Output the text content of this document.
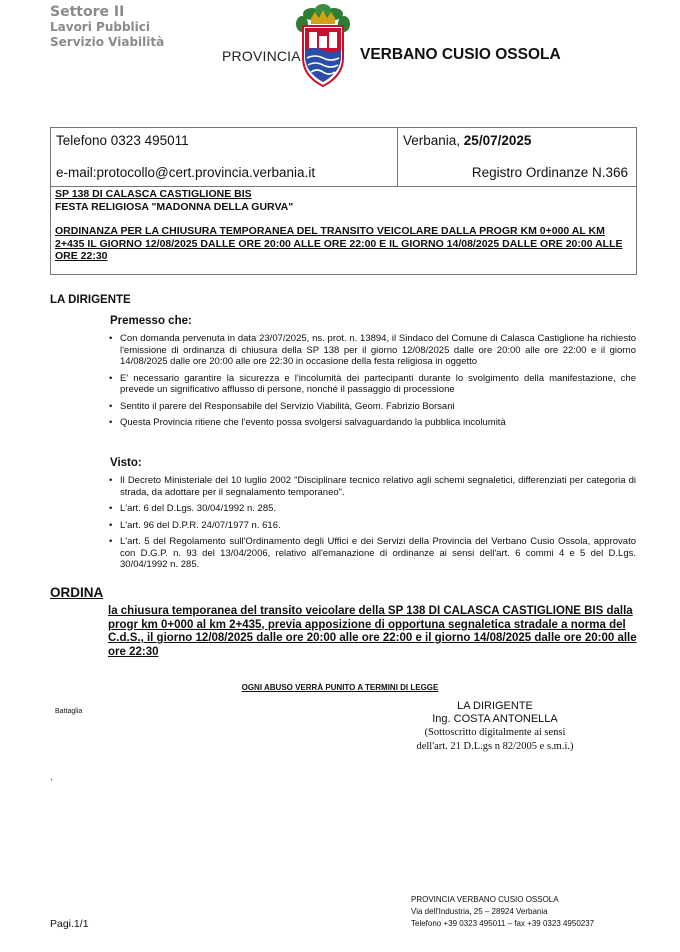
Settore II
Lavori Pubblici
Servizio Viabilità
PROVINCIA	VERBANO CUSIO OSSOLA
Telefono 0323 495011
e-mail:protocollo@cert.provincia.verbania.it
Verbania, 25/07/2025
Registro Ordinanze N.366
SP 138 DI CALASCA CASTIGLIONE BIS
FESTA RELIGIOSA "MADONNA DELLA GURVA"
ORDINANZA PER LA CHIUSURA TEMPORANEA DEL TRANSITO VEICOLARE DALLA PROGR KM 0+000 AL KM 2+435 IL GIORNO 12/08/2025 DALLE ORE 20:00 ALLE ORE 22:00 E IL GIORNO 14/08/2025 DALLE ORE 20:00 ALLE ORE 22:30
LA DIRIGENTE
Premesso che:
• Con domanda pervenuta in data 23/07/2025, ns. prot. n. 13894, il Sindaco del Comune di Calasca Castiglione ha richiesto l'emissione di ordinanza di chiusura della SP 138 per il giorno 12/08/2025 dalle ore 20:00 alle ore 22:00 e il giorno 14/08/2025 dalle ore 20:00 alle ore 22:30 in occasione della festa religiosa in oggetto
• E' necessario garantire la sicurezza e l'incolumità dei partecipanti durante lo svolgimento della manifestazione, che prevede un significativo afflusso di persone, nonché il passaggio di processione
• Sentito il parere del Responsabile del Servizio Viabilità, Geom. Fabrizio Borsani
• Questa Provincia ritiene che l'evento possa svolgersi salvaguardando la pubblica incolumità
Visto:
• Il Decreto Ministeriale del 10 luglio 2002 "Disciplinare tecnico relativo agli schemi segnaletici, differenziati per categoria di strada, da adottare per il segnalamento temporaneo".
• L'art. 6 del D.Lgs. 30/04/1992 n. 285.
• L'art. 96 del D.P.R. 24/07/1977 n. 616.
• L'art. 5 del Regolamento sull'Ordinamento degli Uffici e dei Servizi della Provincia del Verbano Cusio Ossola, approvato con D.G.P. n. 93 del 13/04/2006, relativo all'emanazione di ordinanze ai sensi dell'art. 6 commi 4 e 5 del D.Lgs. 30/04/1992 n. 285.
ORDINA
la chiusura temporanea del transito veicolare della SP 138 DI CALASCA CASTIGLIONE BIS dalla progr km 0+000 al km 2+435, previa apposizione di opportuna segnaletica stradale a norma del C.d.S., il giorno 12/08/2025 dalle ore 20:00 alle ore 22:00 e il giorno 14/08/2025 dalle ore 20:00 alle ore 22:30
OGNI ABUSO VERRÀ PUNITO A TERMINI DI LEGGE
Battaglia	LA DIRIGENTE
Ing. COSTA ANTONELLA
(Sottoscritto digitalmente ai sensi
dell'art. 21 D.L.gs n 82/2005 e s.m.i.)
.
PROVINCIA VERBANO CUSIO OSSOLA
Via dell'Industria, 25 – 28924 Verbania
Telefono +39 0323 495011 – fax +39 0323 4950237
Pagi.1/1
